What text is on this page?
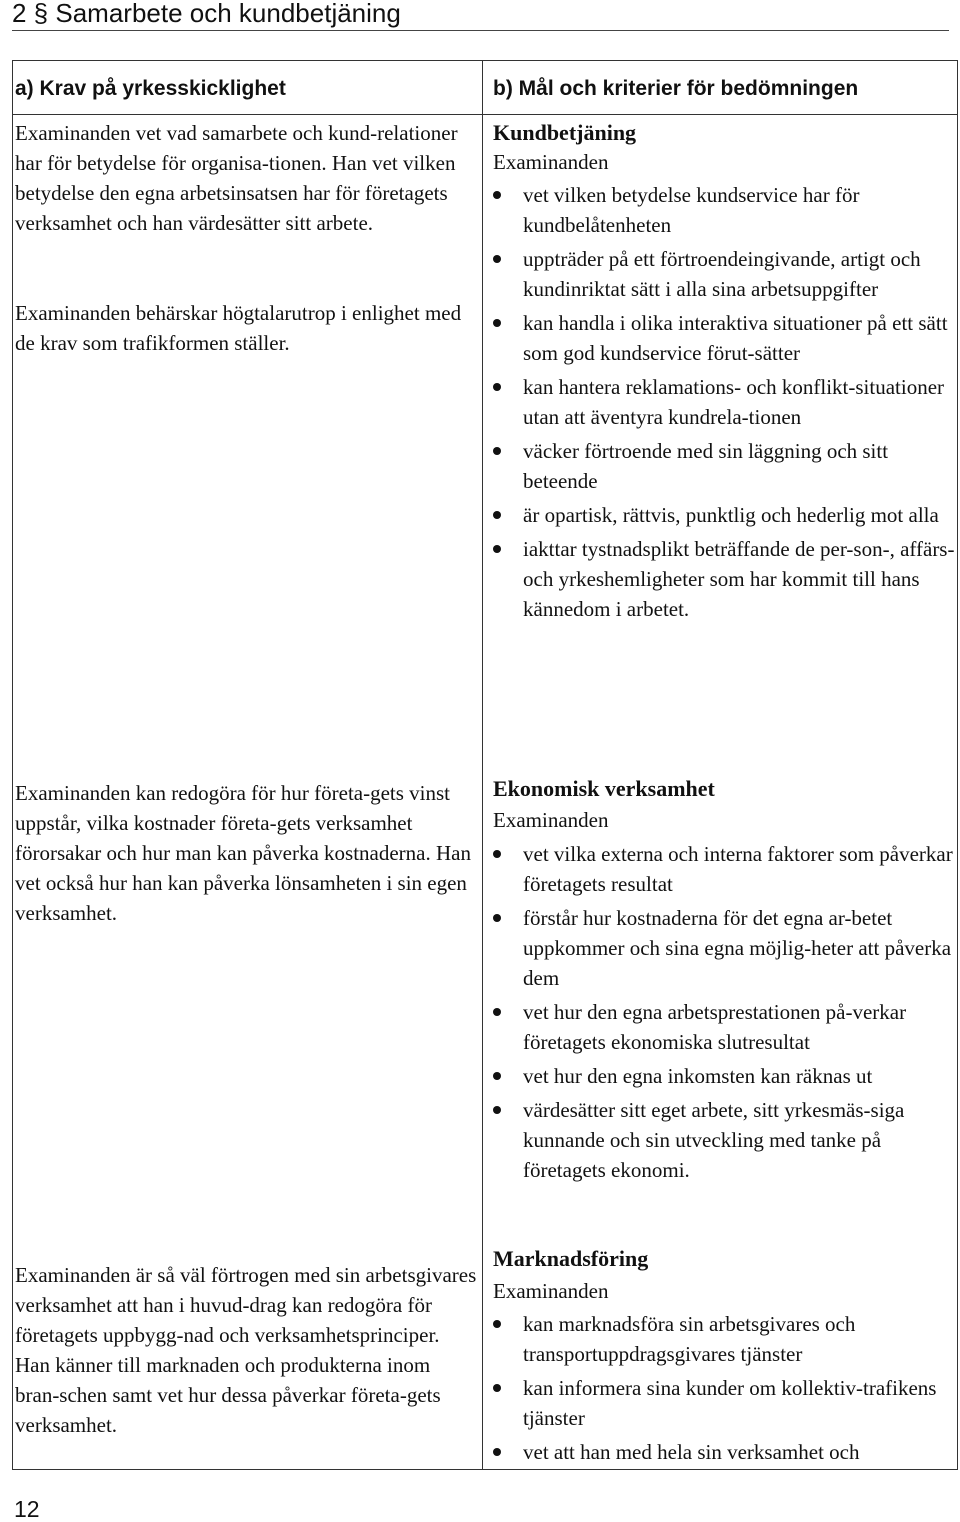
2 § Samarbete och kundbetjäning
a) Krav på yrkesskicklighet	b) Mål och kriterier för bedömningen

Examinanden vet vad samarbete och kund-relationer har för betydelse för organisa-tionen. Han vet vilken betydelse den egna arbetsinsatsen har för företagets verksamhet och han värdesätter sitt arbete.

Examinanden behärskar högtalarutrop i enlighet med de krav som trafikformen ställer.

Examinanden kan redogöra för hur företa-gets vinst uppstår, vilka kostnader företa-gets verksamhet förorsakar och hur man kan påverka kostnaderna. Han vet också hur han kan påverka lönsamheten i sin egen verksamhet.

Examinanden är så väl förtrogen med sin arbetsgivares verksamhet att han i huvud-drag kan redogöra för företagets uppbygg-nad och verksamhetsprinciper. Han känner till marknaden och produkterna inom bran-schen samt vet hur dessa påverkar företa-gets verksamhet.

Kundbetjäning
Examinanden
vet vilken betydelse kundservice har för kundbelåtenheten
uppträder på ett förtroendeingivande, artigt och kundinriktat sätt i alla sina arbetsuppgifter
kan handla i olika interaktiva situationer på ett sätt som god kundservice förut-sätter
kan hantera reklamations- och konflikt-situationer utan att äventyra kundrela-tionen
väcker förtroende med sin läggning och sitt beteende
är opartisk, rättvis, punktlig och hederlig mot alla
iakttar tystnadsplikt beträffande de per-son-, affärs- och yrkeshemligheter som har kommit till hans kännedom i arbetet.
Ekonomisk verksamhet
Examinanden
vet vilka externa och interna faktorer som påverkar företagets resultat
förstår hur kostnaderna för det egna ar-betet uppkommer och sina egna möjlig-heter att påverka dem
vet hur den egna arbetsprestationen på-verkar företagets ekonomiska slutresultat
vet hur den egna inkomsten kan räknas ut
värdesätter sitt eget arbete, sitt yrkesmäs-siga kunnande och sin utveckling med tanke på företagets ekonomi.
Marknadsföring
Examinanden
kan marknadsföra sin arbetsgivares och transportuppdragsgivares tjänster
kan informera sina kunder om kollektiv-trafikens tjänster
vet att han med hela sin verksamhet och
12
